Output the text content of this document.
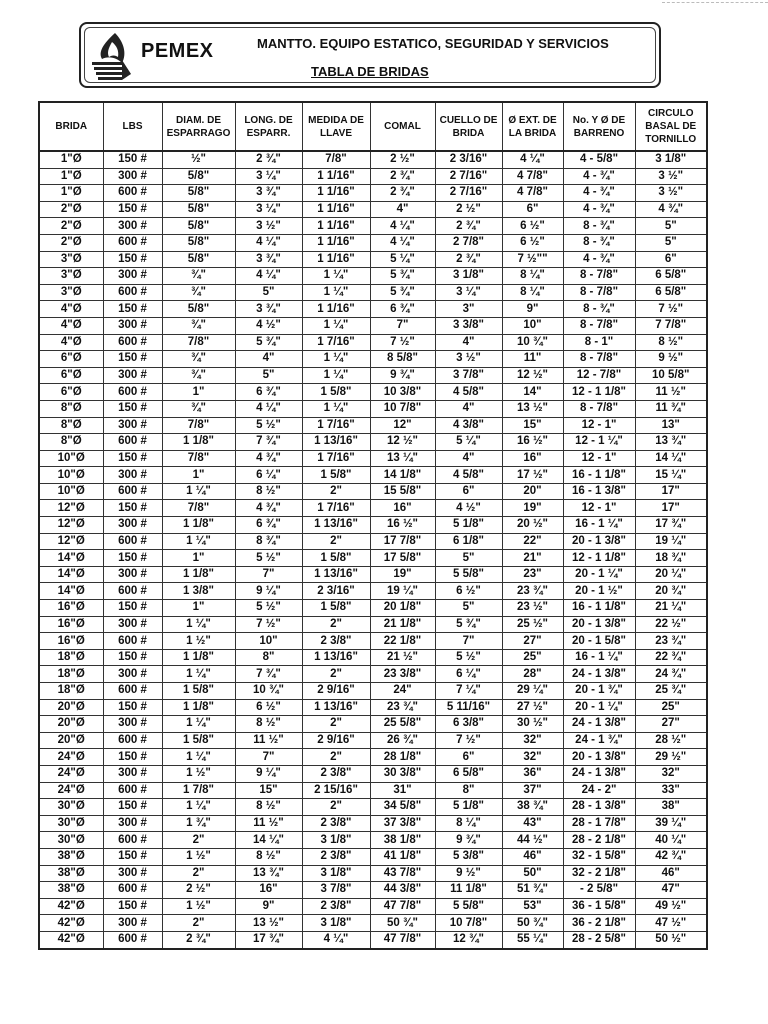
PEMEX	MANTTO. EQUIPO ESTATICO, SEGURIDAD Y SERVICIOS
TABLA DE BRIDAS
BRIDA	LBS	DIAM. DE ESPARRAGO	LONG. DE ESPARR.	MEDIDA DE LLAVE	COMAL	CUELLO DE BRIDA	Ø EXT. DE LA BRIDA	No. Y Ø DE BARRENO	CIRCULO BASAL DE TORNILLO
1"Ø	150 #	½"	2 ¾"	7/8"	2 ½"	2 3/16"	4 ¼"	4 - 5/8"	3 1/8"
1"Ø	300 #	5/8"	3 ¼"	1 1/16"	2 ¾"	2 7/16"	4 7/8"	4 - ¾"	3 ½"
1"Ø	600 #	5/8"	3 ¾"	1 1/16"	2 ¾"	2 7/16"	4 7/8"	4 - ¾"	3 ½"
2"Ø	150 #	5/8"	3 ¼"	1 1/16"	4"	2 ½"	6"	4 - ¾"	4 ¾"
2"Ø	300 #	5/8"	3 ½"	1 1/16"	4 ¼"	2 ¾"	6 ½"	8 - ¾"	5"
2"Ø	600 #	5/8"	4 ¼"	1 1/16"	4 ¼"	2 7/8"	6 ½"	8 - ¾"	5"
3"Ø	150 #	5/8"	3 ¾"	1 1/16"	5 ¼"	2 ¾"	7 ½""	4 - ¾"	6"
3"Ø	300 #	¾"	4 ¼"	1 ¼"	5 ¾"	3 1/8"	8 ¼"	8 - 7/8"	6 5/8"
3"Ø	600 #	¾"	5"	1 ¼"	5 ¾"	3 ¼"	8 ¼"	8 - 7/8"	6 5/8"
4"Ø	150 #	5/8"	3 ¾"	1 1/16"	6 ¾"	3"	9"	8 - ¾"	7 ½"
4"Ø	300 #	¾"	4 ½"	1 ¼"	7"	3 3/8"	10"	8 - 7/8"	7 7/8"
4"Ø	600 #	7/8"	5 ¾"	1 7/16"	7 ½"	4"	10 ¾"	8 - 1"	8 ½"
6"Ø	150 #	¾"	4"	1 ¼"	8 5/8"	3 ½"	11"	8 - 7/8"	9 ½"
6"Ø	300 #	¾"	5"	1 ¼"	9 ¾"	3 7/8"	12 ½"	12 - 7/8"	10 5/8"
6"Ø	600 #	1"	6 ¾"	1 5/8"	10 3/8"	4 5/8"	14"	12 - 1 1/8"	11 ½"
8"Ø	150 #	¾"	4 ¼"	1 ¼"	10 7/8"	4"	13 ½"	8 - 7/8"	11 ¾"
8"Ø	300 #	7/8"	5 ½"	1 7/16"	12"	4 3/8"	15"	12 - 1"	13"
8"Ø	600 #	1 1/8"	7 ¾"	1 13/16"	12 ½"	5 ¼"	16 ½"	12 - 1 ¼"	13 ¾"
10"Ø	150 #	7/8"	4 ¾"	1 7/16"	13 ¼"	4"	16"	12 - 1"	14 ¼"
10"Ø	300 #	1"	6 ¼"	1 5/8"	14 1/8"	4 5/8"	17 ½"	16 - 1 1/8"	15 ¼"
10"Ø	600 #	1 ¼"	8 ½"	2"	15 5/8"	6"	20"	16 - 1 3/8"	17"
12"Ø	150 #	7/8"	4 ¾"	1 7/16"	16"	4 ½"	19"	12 - 1"	17"
12"Ø	300 #	1 1/8"	6 ¾"	1 13/16"	16 ½"	5 1/8"	20 ½"	16 - 1 ¼"	17 ¾"
12"Ø	600 #	1 ¼"	8 ¾"	2"	17 7/8"	6 1/8"	22"	20 - 1 3/8"	19 ¼"
14"Ø	150 #	1"	5 ½"	1 5/8"	17 5/8"	5"	21"	12 - 1 1/8"	18 ¾"
14"Ø	300 #	1 1/8"	7"	1 13/16"	19"	5 5/8"	23"	20 - 1 ¼"	20 ¼"
14"Ø	600 #	1 3/8"	9 ¼"	2 3/16"	19 ¼"	6 ½"	23 ¾"	20 - 1 ½"	20 ¾"
16"Ø	150 #	1"	5 ½"	1 5/8"	20 1/8"	5"	23 ½"	16 - 1 1/8"	21 ¼"
16"Ø	300 #	1 ¼"	7 ½"	2"	21 1/8"	5 ¾"	25 ½"	20 - 1 3/8"	22 ½"
16"Ø	600 #	1 ½"	10"	2 3/8"	22 1/8"	7"	27"	20 - 1 5/8"	23 ¾"
18"Ø	150 #	1 1/8"	8"	1 13/16"	21 ½"	5 ½"	25"	16 - 1 ¼"	22 ¾"
18"Ø	300 #	1 ¼"	7 ¾"	2"	23 3/8"	6 ¼"	28"	24 - 1 3/8"	24 ¾"
18"Ø	600 #	1 5/8"	10 ¾"	2 9/16"	24"	7 ¼"	29 ¼"	20 - 1 ¾"	25 ¾"
20"Ø	150 #	1 1/8"	6 ½"	1 13/16"	23 ¾"	5 11/16"	27 ½"	20 - 1 ¼"	25"
20"Ø	300 #	1 ¼"	8 ½"	2"	25 5/8"	6 3/8"	30 ½"	24 - 1 3/8"	27"
20"Ø	600 #	1 5/8"	11 ½"	2 9/16"	26 ¾"	7 ½"	32"	24 - 1 ¾"	28 ½"
24"Ø	150 #	1 ¼"	7"	2"	28 1/8"	6"	32"	20 - 1 3/8"	29 ½"
24"Ø	300 #	1 ½"	9 ¼"	2 3/8"	30 3/8"	6 5/8"	36"	24 - 1 3/8"	32"
24"Ø	600 #	1 7/8"	15"	2 15/16"	31"	8"	37"	24 - 2"	33"
30"Ø	150 #	1 ¼"	8 ½"	2"	34 5/8"	5 1/8"	38 ¾"	28 - 1 3/8"	38"
30"Ø	300 #	1 ¾"	11 ½"	2 3/8"	37 3/8"	8 ¼"	43"	28 - 1 7/8"	39 ¼"
30"Ø	600 #	2"	14 ¼"	3 1/8"	38 1/8"	9 ¾"	44 ½"	28 - 2 1/8"	40 ¼"
38"Ø	150 #	1 ½"	8 ½"	2 3/8"	41 1/8"	5 3/8"	46"	32 - 1 5/8"	42 ¾"
38"Ø	300 #	2"	13 ¾"	3 1/8"	43 7/8"	9 ½"	50"	32 - 2 1/8"	46"
38"Ø	600 #	2 ½"	16"	3 7/8"	44 3/8"	11 1/8"	51 ¾"	- 2 5/8"	47"
42"Ø	150 #	1 ½"	9"	2 3/8"	47 7/8"	5 5/8"	53"	36 - 1 5/8"	49 ½"
42"Ø	300 #	2"	13 ½"	3 1/8"	50 ¾"	10 7/8"	50 ¾"	36 - 2 1/8"	47 ½"
42"Ø	600 #	2 ¾"	17 ¾"	4 ¼"	47 7/8"	12 ¾"	55 ¼"	28 - 2 5/8"	50 ½"
